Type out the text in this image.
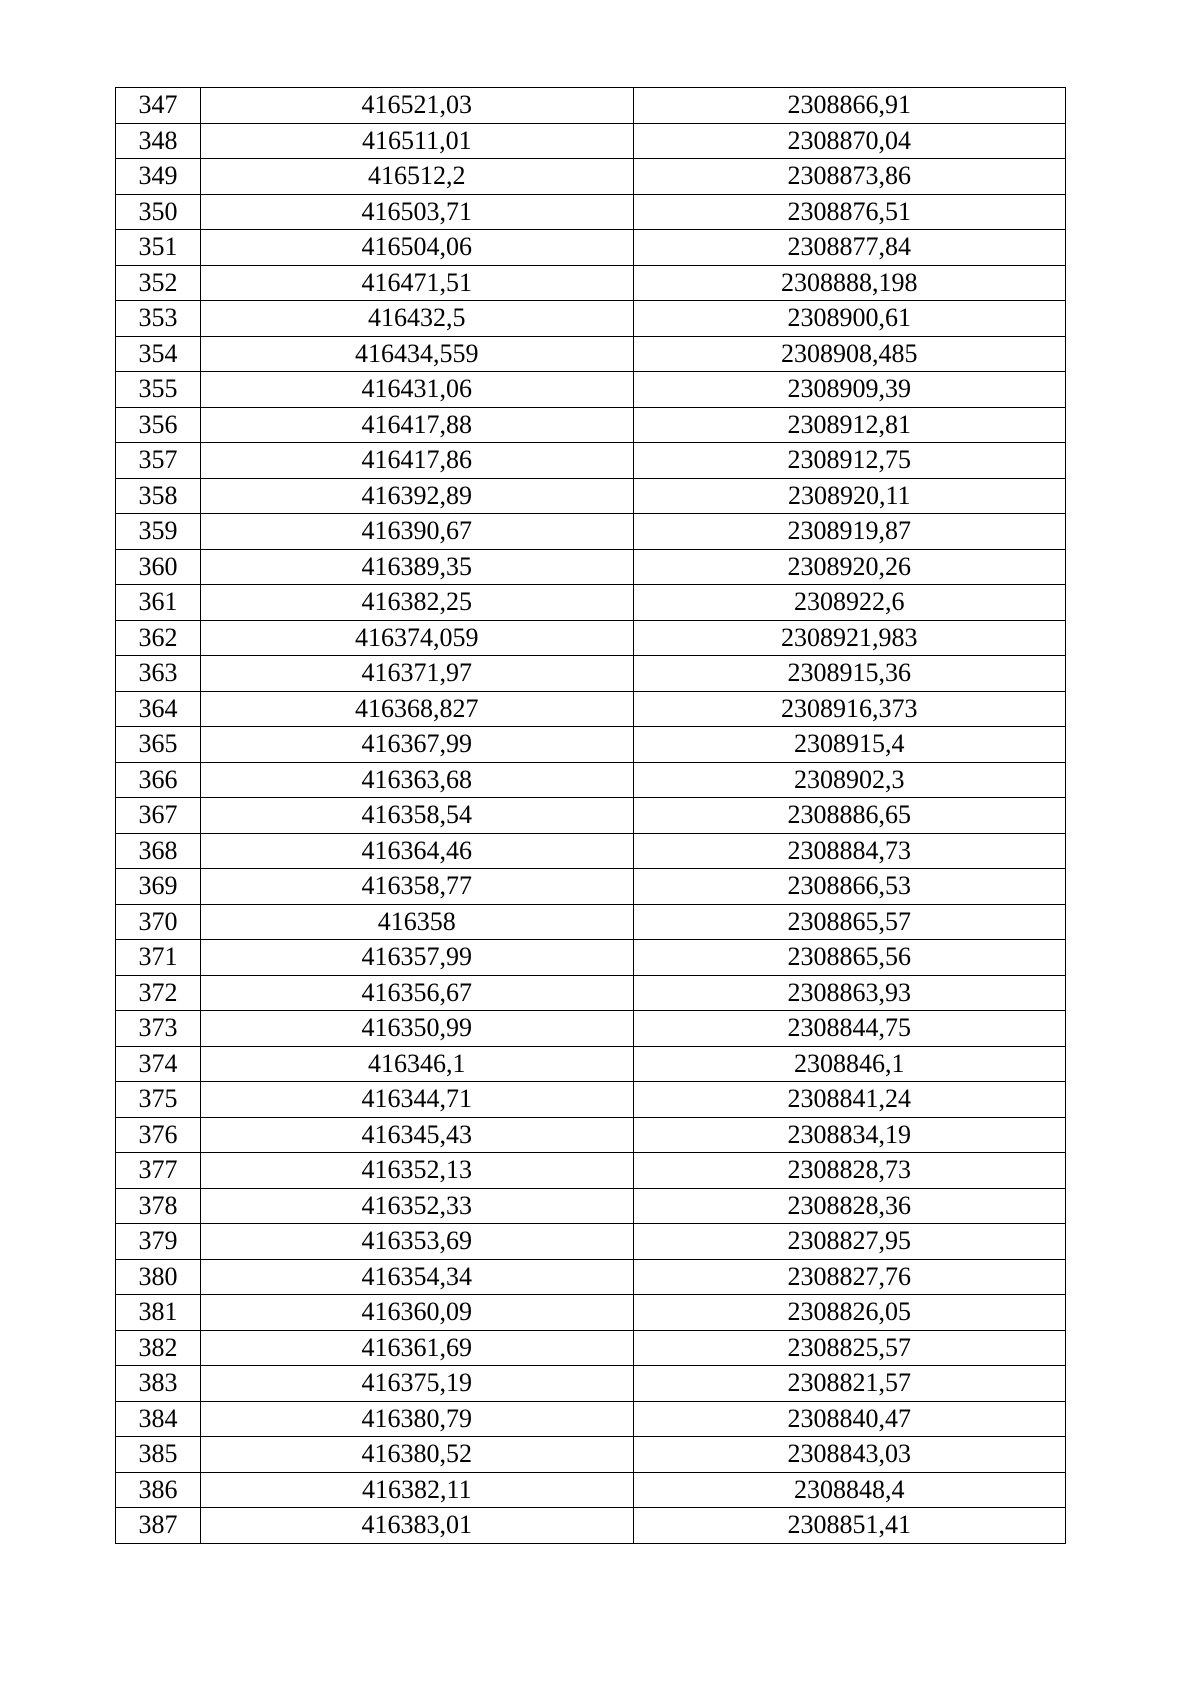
347	416521,03	2308866,91
348	416511,01	2308870,04
349	416512,2	2308873,86
350	416503,71	2308876,51
351	416504,06	2308877,84
352	416471,51	2308888,198
353	416432,5	2308900,61
354	416434,559	2308908,485
355	416431,06	2308909,39
356	416417,88	2308912,81
357	416417,86	2308912,75
358	416392,89	2308920,11
359	416390,67	2308919,87
360	416389,35	2308920,26
361	416382,25	2308922,6
362	416374,059	2308921,983
363	416371,97	2308915,36
364	416368,827	2308916,373
365	416367,99	2308915,4
366	416363,68	2308902,3
367	416358,54	2308886,65
368	416364,46	2308884,73
369	416358,77	2308866,53
370	416358	2308865,57
371	416357,99	2308865,56
372	416356,67	2308863,93
373	416350,99	2308844,75
374	416346,1	2308846,1
375	416344,71	2308841,24
376	416345,43	2308834,19
377	416352,13	2308828,73
378	416352,33	2308828,36
379	416353,69	2308827,95
380	416354,34	2308827,76
381	416360,09	2308826,05
382	416361,69	2308825,57
383	416375,19	2308821,57
384	416380,79	2308840,47
385	416380,52	2308843,03
386	416382,11	2308848,4
387	416383,01	2308851,41
